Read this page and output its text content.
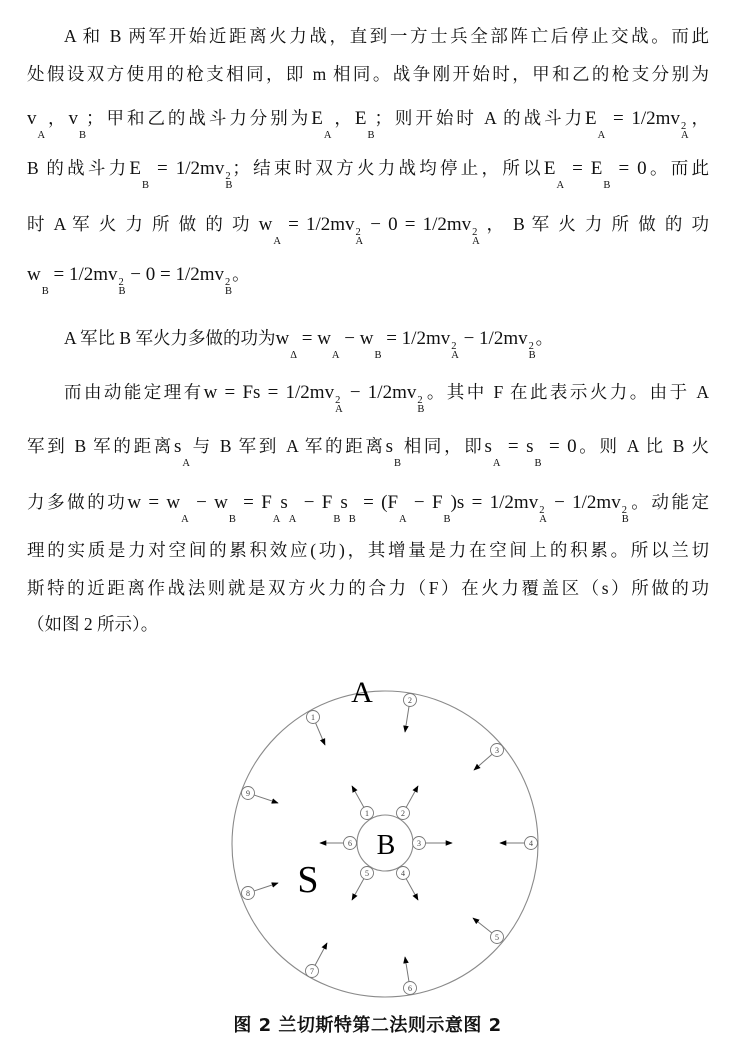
A 和 B 两军开始近距离火力战，直到一方士兵全部阵亡后停止交战。而此
处假设双方使用的枪支相同，即 m 相同。战争刚开始时，甲和乙的枪支分别为
v

A
，v

B
；甲和乙的战斗力分别为E

A
，E

B
；则开始时 A 的战斗力E

A
= 1/2mv 2
A
，
B 的战斗力E

B
= 1/2mv 2
B
；结束时双方火力战均停止，所以E

A
= E

B
= 0。而此
时 A 军 火 力 所 做 的 功 w

A
= 1/2mv 2
A
− 0 = 1/2mv 2
A
， B 军 火 力 所 做 的 功
w

B
= 1/2mv 2
B
− 0 = 1/2mv 2
B
。
A 军比 B 军火力多做的功为w

Δ
= w

A
− w

B
= 1/2mv 2
A
− 1/2mv 2
B
。
而由动能定理有w = Fs = 1/2mv 2
A
− 1/2mv 2
B
。其中 F 在此表示火力。由于 A
军到 B 军的距离s

A
与 B 军到 A 军的距离s

B
相同，即s

A
= s

B
= 0。则 A 比 B 火
力多做的功w = w

A
− w

B
= F

A
s

A
− F

B
s

B
= (F

A
− F

B
)s = 1/2mv 2
A
− 1/2mv 2
B
。动能定
理的实质是力对空间的累积效应(功)，其增量是力在空间上的积累。所以兰切
斯特的近距离作战法则就是双方火力的合力（F）在火力覆盖区（s）所做的功
（如图 2 所示）。
A
B
S
1
2
3
4
5
6
7
8
9
1	2
3
4
5
6
图 2 兰切斯特第二法则示意图 2
